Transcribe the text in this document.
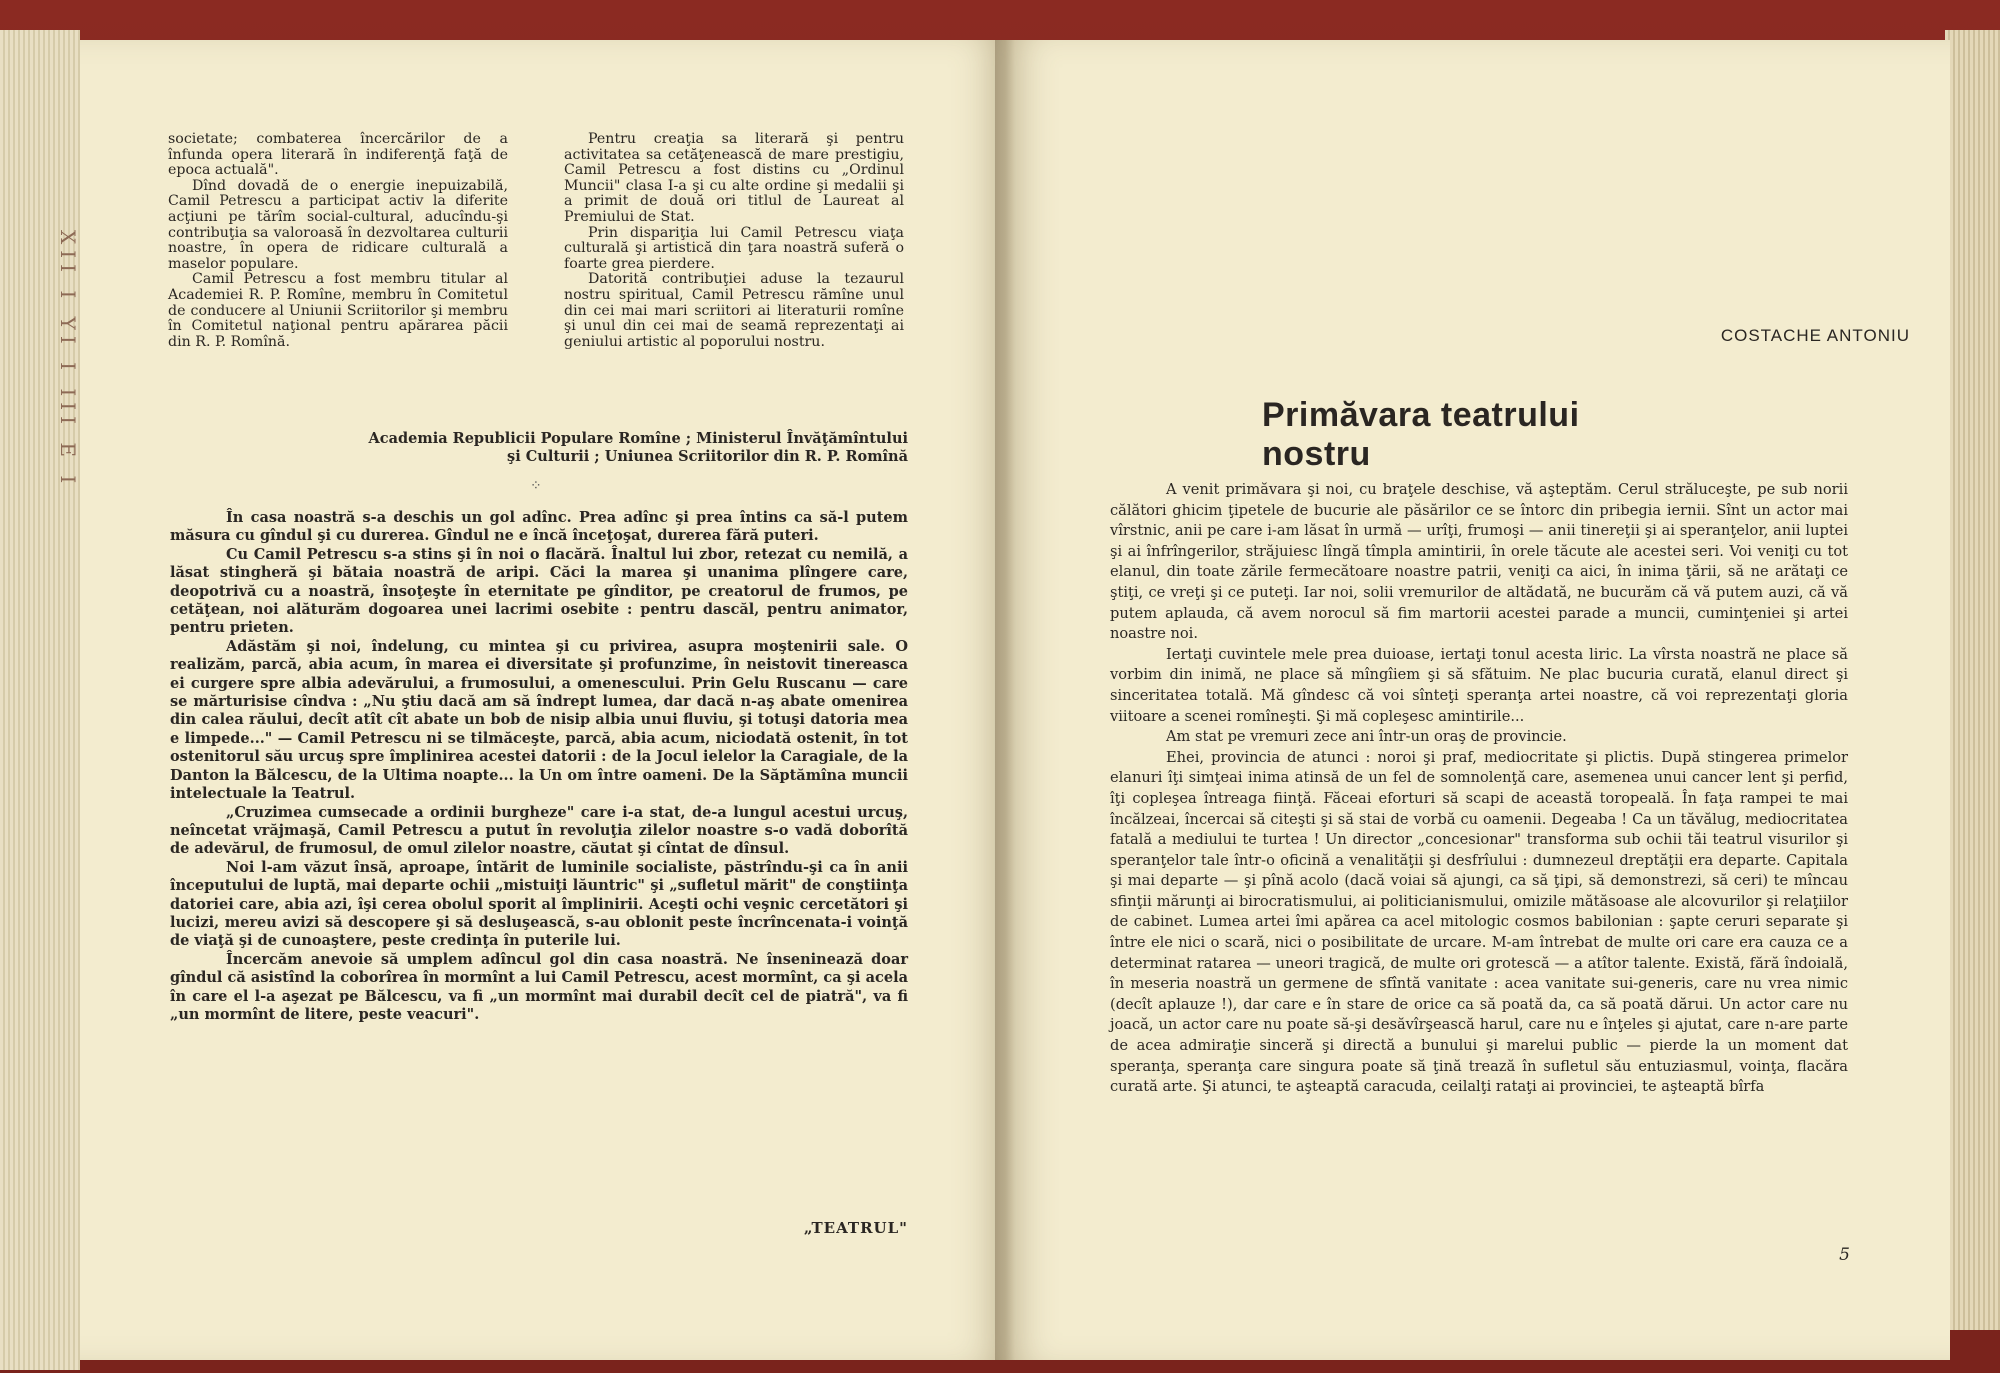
ΧΙΙ Ι ΥΙ Ι ΙΙΙ Ε Ι

societate; combaterea încercărilor de a înfunda opera literară în indiferenţă faţă de epoca actuală".

Dînd dovadă de o energie inepuizabilă, Camil Petrescu a participat activ la diferite acţiuni pe tărîm social-cultural, aducîndu-şi contribuţia sa valoroasă în dezvoltarea culturii noastre, în opera de ridicare culturală a maselor populare.

Camil Petrescu a fost membru titular al Academiei R. P. Romîne, membru în Comitetul de conducere al Uniunii Scriitorilor şi membru în Comitetul naţional pentru apărarea păcii din R. P. Romînă.

Pentru creaţia sa literară şi pentru activitatea sa cetăţenească de mare prestigiu, Camil Petrescu a fost distins cu „Ordinul Muncii" clasa I-a şi cu alte ordine şi medalii şi a primit de două ori titlul de Laureat al Premiului de Stat.

Prin dispariţia lui Camil Petrescu viaţa culturală şi artistică din ţara noastră suferă o foarte grea pierdere.

Datorită contribuţiei aduse la tezaurul nostru spiritual, Camil Petrescu rămîne unul din cei mai mari scriitori ai literaturii romîne şi unul din cei mai de seamă reprezentaţi ai geniului artistic al poporului nostru.

Academia Republicii Populare Romîne ; Ministerul Învăţămîntului
şi Culturii ; Uniunea Scriitorilor din R. P. Romînă
⁘

În casa noastră s-a deschis un gol adînc. Prea adînc şi prea întins ca să-l putem măsura cu gîndul şi cu durerea. Gîndul ne e încă înceţoşat, durerea fără puteri.

Cu Camil Petrescu s-a stins şi în noi o flacără. Înaltul lui zbor, retezat cu nemilă, a lăsat stingheră şi bătaia noastră de aripi. Căci la marea şi unanima plîngere care, deopotrivă cu a noastră, însoţeşte în eternitate pe gînditor, pe creatorul de frumos, pe cetăţean, noi alăturăm dogoarea unei lacrimi osebite : pentru dascăl, pentru animator, pentru prieten.

Adăstăm şi noi, îndelung, cu mintea şi cu privirea, asupra moştenirii sale. O realizăm, parcă, abia acum, în marea ei diversitate şi profunzime, în neistovit tinereasca ei curgere spre albia adevărului, a frumosului, a omenescului. Prin Gelu Ruscanu — care se mărturisise cîndva : „Nu ştiu dacă am să îndrept lumea, dar dacă n-aş abate omenirea din calea răului, decît atît cît abate un bob de nisip albia unui fluviu, şi totuşi datoria mea e limpede..." — Camil Petrescu ni se tilmăceşte, parcă, abia acum, niciodată ostenit, în tot ostenitorul său urcuş spre împlinirea acestei datorii : de la Jocul ielelor la Caragiale, de la Danton la Bălcescu, de la Ultima noapte... la Un om între oameni. De la Săptămîna muncii intelectuale la Teatrul.

„Cruzimea cumsecade a ordinii burgheze" care i-a stat, de-a lungul acestui urcuş, neîncetat vrăjmaşă, Camil Petrescu a putut în revoluţia zilelor noastre s-o vadă doborîtă de adevărul, de frumosul, de omul zilelor noastre, căutat şi cîntat de dînsul.

Noi l-am văzut însă, aproape, întărit de luminile socialiste, păstrîndu-şi ca în anii începutului de luptă, mai departe ochii „mistuiţi lăuntric" şi „sufletul mărit" de conştiinţa datoriei care, abia azi, îşi cerea obolul sporit al împlinirii. Aceşti ochi veşnic cercetători şi lucizi, mereu avizi să descopere şi să desluşească, s-au oblonit peste încrîncenata-i voinţă de viaţă şi de cunoaştere, peste credinţa în puterile lui.

Încercăm anevoie să umplem adîncul gol din casa noastră. Ne înseninează doar gîndul că asistînd la coborîrea în mormînt a lui Camil Petrescu, acest mormînt, ca şi acela în care el l-a aşezat pe Bălcescu, va fi „un mormînt mai durabil decît cel de piatră", va fi „un mormînt de litere, peste veacuri".

„TEATRUL"
COSTACHE ANTONIU
Primăvara teatrului nostru

A venit primăvara şi noi, cu braţele deschise, vă aşteptăm. Cerul străluceşte, pe sub norii călători ghicim ţipetele de bucurie ale păsărilor ce se întorc din pribegia iernii. Sînt un actor mai vîrstnic, anii pe care i-am lăsat în urmă — urîţi, frumoşi — anii tinereţii şi ai speranţelor, anii luptei şi ai înfrîngerilor, străjuiesc lîngă tîmpla amintirii, în orele tăcute ale acestei seri. Voi veniţi cu tot elanul, din toate zările fermecătoare noastre patrii, veniţi ca aici, în inima ţării, să ne arătaţi ce ştiţi, ce vreţi şi ce puteţi. Iar noi, solii vremurilor de altădată, ne bucurăm că vă putem auzi, că vă putem aplauda, că avem norocul să fim martorii acestei parade a muncii, cuminţeniei şi artei noastre noi.

Iertaţi cuvintele mele prea duioase, iertaţi tonul acesta liric. La vîrsta noastră ne place să vorbim din inimă, ne place să mîngîiem şi să sfătuim. Ne plac bucuria curată, elanul direct şi sinceritatea totală. Mă gîndesc că voi sînteţi speranţa artei noastre, că voi reprezentaţi gloria viitoare a scenei romîneşti. Şi mă copleşesc amintirile...

Am stat pe vremuri zece ani într-un oraş de provincie.

Ehei, provincia de atunci : noroi şi praf, mediocritate şi plictis. După stingerea primelor elanuri îţi simţeai inima atinsă de un fel de somnolenţă care, asemenea unui cancer lent şi perfid, îţi copleşea întreaga fiinţă. Făceai eforturi să scapi de această toropeală. În faţa rampei te mai încălzeai, încercai să citeşti şi să stai de vorbă cu oamenii. Degeaba ! Ca un tăvălug, mediocritatea fatală a mediului te turtea ! Un director „concesionar" transforma sub ochii tăi teatrul visurilor şi speranţelor tale într-o oficină a venalităţii şi desfrîului : dumnezeul dreptăţii era departe. Capitala şi mai departe — şi pînă acolo (dacă voiai să ajungi, ca să ţipi, să demonstrezi, să ceri) te mîncau sfinţii mărunţi ai birocratismului, ai politicianismului, omizile mătăsoase ale alcovurilor şi relaţiilor de cabinet. Lumea artei îmi apărea ca acel mitologic cosmos babilonian : şapte ceruri separate şi între ele nici o scară, nici o posibilitate de urcare. M-am întrebat de multe ori care era cauza ce a determinat ratarea — uneori tragică, de multe ori grotescă — a atîtor talente. Există, fără îndoială, în meseria noastră un germene de sfîntă vanitate : acea vanitate sui-generis, care nu vrea nimic (decît aplauze !), dar care e în stare de orice ca să poată da, ca să poată dărui. Un actor care nu joacă, un actor care nu poate să-şi desăvîrşească harul, care nu e înţeles şi ajutat, care n-are parte de acea admiraţie sinceră şi directă a bunului şi marelui public — pierde la un moment dat speranţa, speranţa care singura poate să ţină trează în sufletul său entuziasmul, voinţa, flacăra curată arte. Şi atunci, te aşteaptă caracuda, ceilalţi rataţi ai provinciei, te aşteaptă bîrfa

5
